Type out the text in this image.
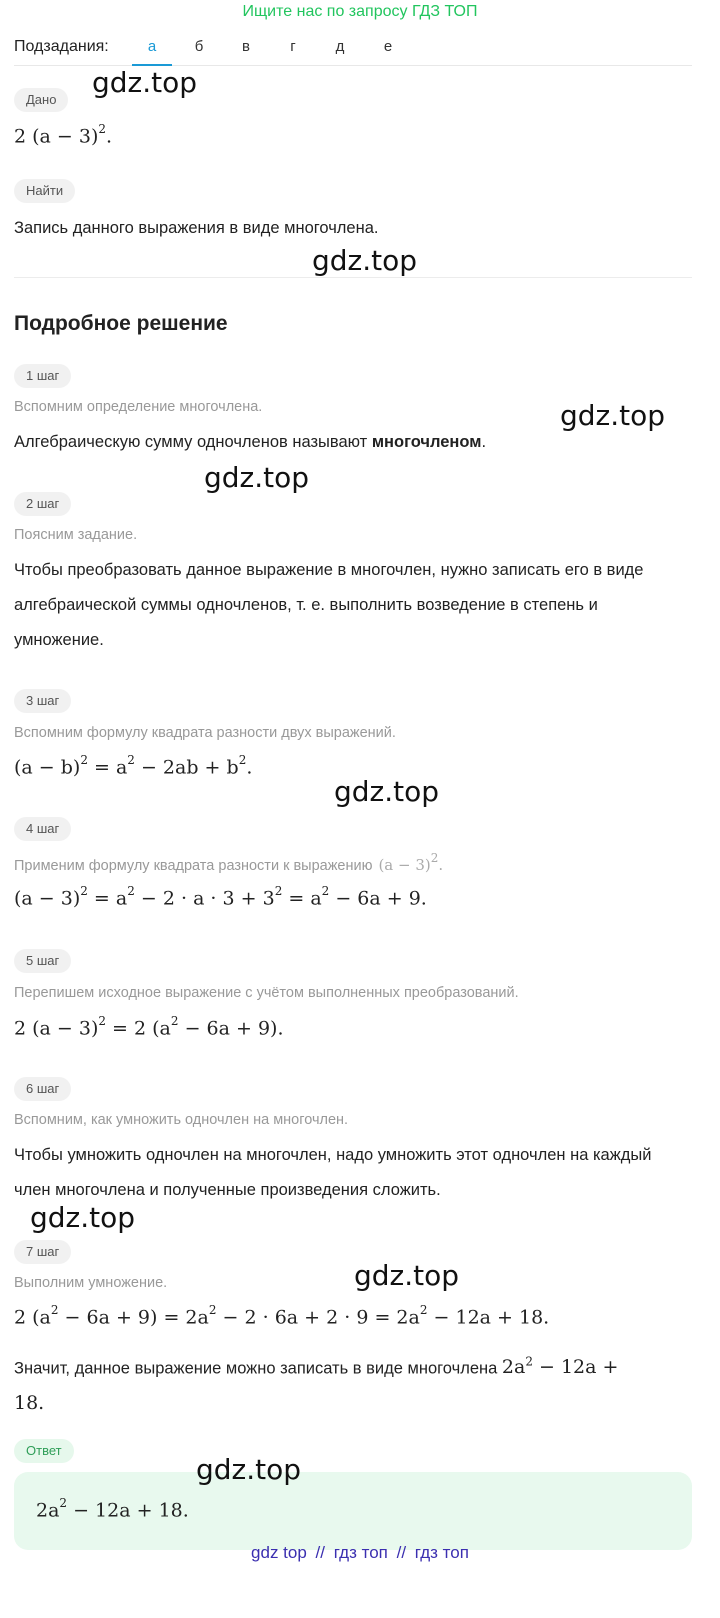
Ищите нас по запросу ГДЗ ТОП
Подзадания:	а	б	в	г	д	е
Дано
2 $(a - 3)^2$.
Найти
Запись данного выражения в виде многочлена.
Подробное решение
1 шаг
Вспомним определение многочлена.
Алгебраическую сумму одночленов называют многочленом.
2 шаг
Поясним задание.
Чтобы преобразовать данное выражение в многочлен, нужно записать его в виде алгебраической суммы одночленов, т. е. выполнить возведение в степень и умножение.
3 шаг
Вспомним формулу квадрата разности двух выражений.
$(a - b)^2 = a^2 - 2ab + b^2$.
4 шаг
Применим формулу квадрата разности к выражению $(a - 3)^2$.
$(a - 3)^2 = a^2 - 2 \cdot a \cdot 3 + 3^2 = a^2 - 6a + 9$.
5 шаг
Перепишем исходное выражение с учётом выполненных преобразований.
2 $(a - 3)^2 = 2$ $(a^2 - 6a + 9)$.
6 шаг
Вспомним, как умножить одночлен на многочлен.
Чтобы умножить одночлен на многочлен, надо умножить этот одночлен на каждый член многочлена и полученные произведения сложить.
7 шаг
Выполним умножение.
2 $(a^2 - 6a + 9) = 2a^2 - 2 \cdot 6a + 2 \cdot 9 = 2a^2 - 12a + 18$.
Значит, данное выражение можно записать в виде многочлена $2a^2 - 12a$ +
18.
Ответ
$2a^2 - 12a + 18$.
gdz.top
gdz.top
gdz.top
gdz.top
gdz.top
gdz.top
gdz.top
gdz.top
gdz top // гдз топ // гдз топ
